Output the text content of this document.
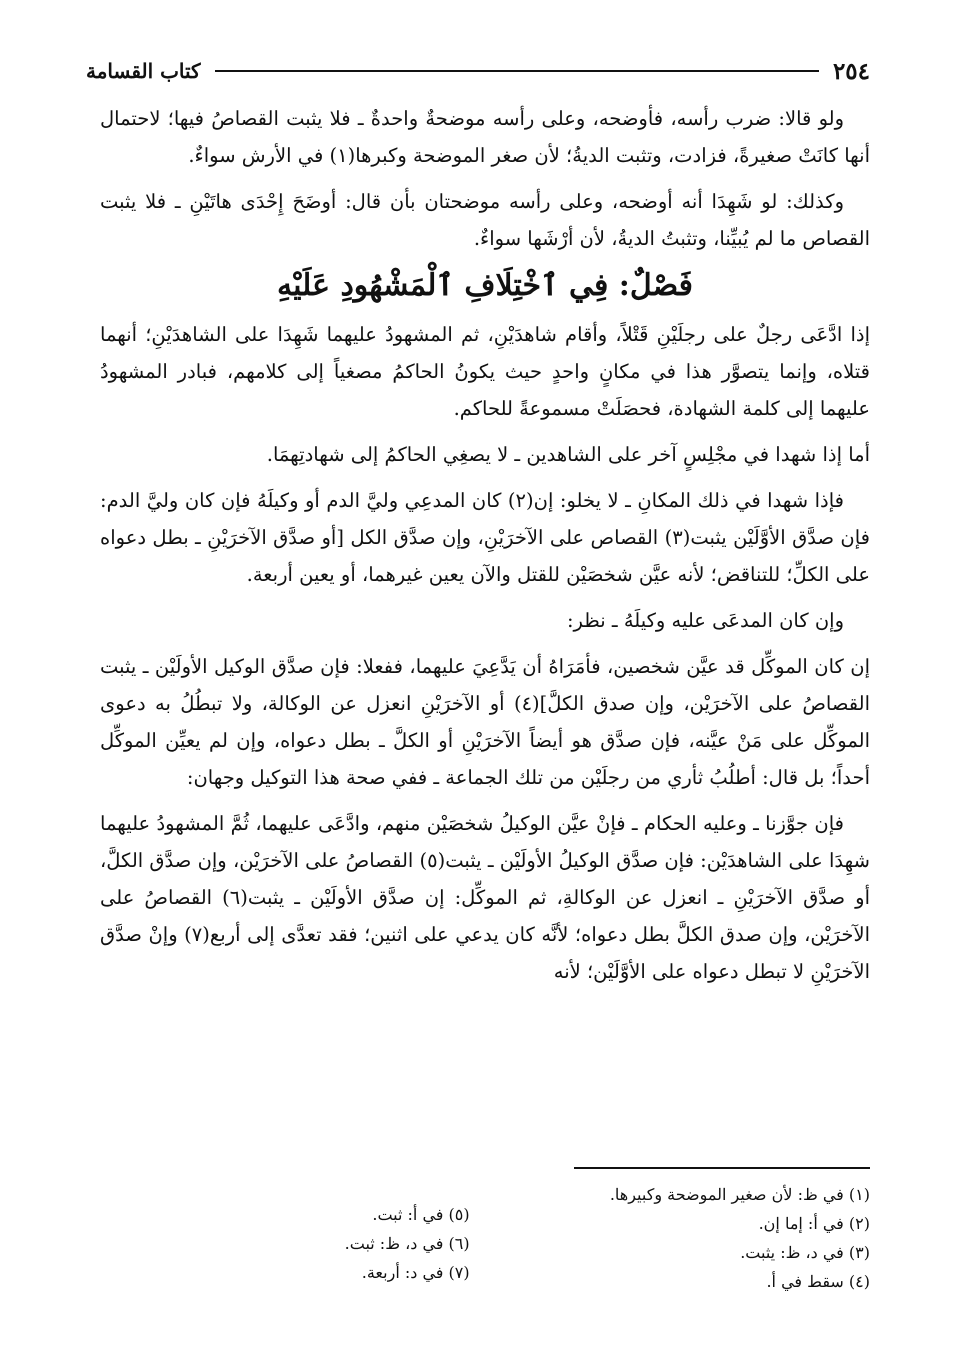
٢٥٤
كتاب القسامة

ولو قالا: ضرب رأسه، فأوضحه، وعلى رأسه موضحةٌ واحدةٌ ـ فلا يثبت القصاصُ فيها؛ لاحتمال أنها كانَتْ صغيرةً، فزادت، وتثبت الديةُ؛ لأن صغر الموضحة وكبرها(١) في الأرش سواءٌ.

وكذلك: لو شَهِدَا أنه أوضحه، وعلى رأسه موضحتان بأن قال: أوضَحَ إِحْدَى هاتَيْنِ ـ فلا يثبت القصاص ما لم يُبيِّنا، وتثبتُ الديةُ، لأن أرْشَها سواءٌ.

فَصْلٌ: فِي ٱخْتِلَافِ ٱلْمَشْهُودِ عَلَيْهِ

إذا ادَّعَى رجلٌ على رجلَيْنِ قَتْلاً، وأقام شاهدَيْنِ، ثم المشهودُ عليهما شَهِدَا على الشاهدَيْنِ؛ أنهما قتلاه، وإنما يتصوَّر هذا في مكانٍ واحدٍ حيث يكونُ الحاكمُ مصغياً إلى كلامهم، فبادر المشهودُ عليهما إلى كلمة الشهادة، فحصَلَتْ مسموعةً للحاكم.

أما إذا شهدا في مجْلِسٍ آخر على الشاهدين ـ لا يصغِي الحاكمُ إلى شهادتِهمَا.

فإذا شهدا في ذلك المكانِ ـ لا يخلو: إن(٢) كان المدعِي وليَّ الدم أو وكيلَهُ فإن كان وليَّ الدم: فإن صدَّق الأوَّلَيْن يثبت(٣) القصاص على الآخرَيْنِ، وإن صدَّق الكل [أو صدَّق الآخرَيْنِ ـ بطل دعواه على الكلِّ؛ للتناقض؛ لأنه عيَّن شخصَيْن للقتل والآن يعين غيرهما، أو يعين أربعة.

وإن كان المدعَى عليه وكيلَهُ ـ نظر:

إن كان الموكِّل قد عيَّن شخصين، فأمَرَاهُ أن يَدَّعِيَ عليهما، ففعلا: فإن صدَّق الوكيل الأولَيْن ـ يثبت القصاصُ على الآخرَيْن، وإن صدق الكلَّ](٤) أو الآخرَيْنِ انعزل عن الوكالة، ولا تبطُلُ به دعوى الموكِّل على مَنْ عيَّنه، فإن صدَّق هو أيضاً الآخرَيْنِ أو الكلَّ ـ بطل دعواه، وإن لم يعيِّن الموكِّل أحداً؛ بل قال: أطلُبُ ثأري من رجلَيْن من تلك الجماعة ـ ففي صحة هذا التوكيل وجهان:

فإن جوَّزنا ـ وعليه الحكام ـ فإنْ عيَّن الوكيلُ شخصَيْن منهم، وادَّعَى عليهما، ثُمَّ المشهودُ عليهما شهِدَا على الشاهدَيْن: فإن صدَّق الوكيلُ الأولَيْن ـ يثبت(٥) القصاصُ على الآخرَيْن، وإن صدَّق الكلَّ، أو صدَّق الآخرَيْنِ ـ انعزل عن الوكالةِ، ثم الموكِّل: إن صدَّق الأولَيْن ـ يثبت(٦) القصاصُ على الآخرَيْن، وإن صدق الكلَّ بطل دعواه؛ لأنَّه كان يدعي على اثنين؛ فقد تعدَّى إلى أربع(٧) وإنْ صدَّق الآخرَيْنِ لا تبطل دعواه على الأوَّلَيْن؛ لأنه

(١) في ظ: لأن صغير الموضحة وكبيرها.
(٢) في أ: إما إن.
(٣) في د، ظ: يثبت.
(٤) سقط في أ.
(٥) في أ: ثبت.
(٦) في د، ظ: ثبت.
(٧) في د: أربعة.
